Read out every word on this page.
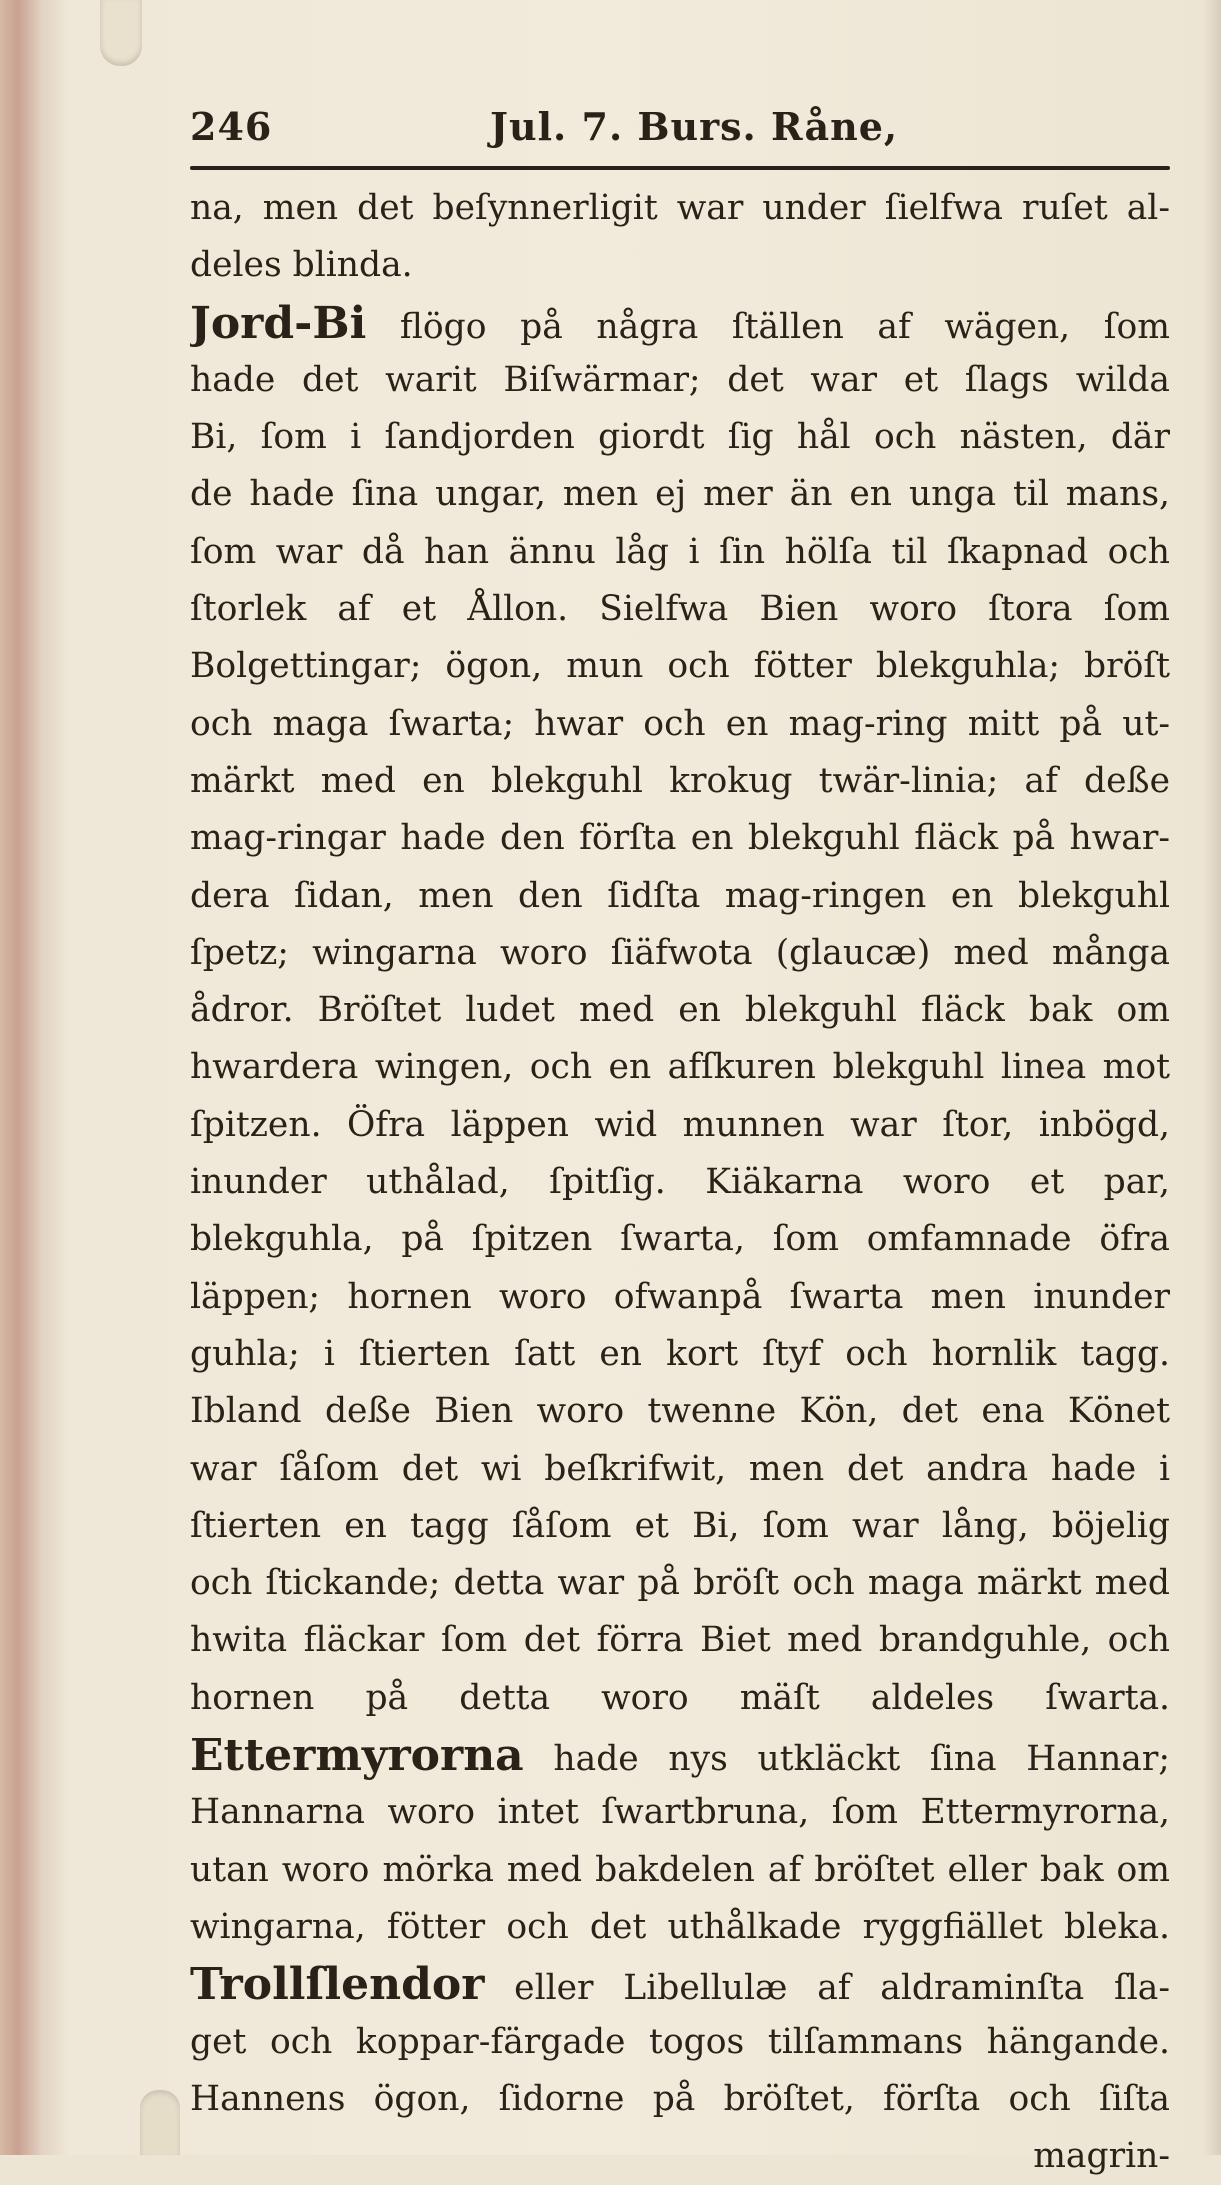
246	Jul. 7. Burs. Råne,
na, men det beſynnerligit war under ſielfwa ruſet al-
deles blinda.
Jord-Bi flögo på några ſtällen af wägen, ſom
hade det warit Biſwärmar; det war et ſlags wilda
Bi, ſom i ſandjorden giordt ſig hål och nästen, där
de hade ſina ungar, men ej mer än en unga til mans,
ſom war då han ännu låg i ſin hölſa til ſkapnad och
ſtorlek af et Ållon. Sielfwa Bien woro ſtora ſom
Bolgettingar; ögon, mun och fötter blekguhla; bröſt
och maga ſwarta; hwar och en mag-ring mitt på ut-
märkt med en blekguhl krokug twär-linia; af deße
mag-ringar hade den förſta en blekguhl fläck på hwar-
dera ſidan, men den ſidſta mag-ringen en blekguhl
ſpetz; wingarna woro ſiäfwota (glaucæ) med många
ådror. Bröſtet ludet med en blekguhl fläck bak om
hwardera wingen, och en afſkuren blekguhl linea mot
ſpitzen. Öfra läppen wid munnen war ſtor, inbögd,
inunder uthålad, ſpitſig. Kiäkarna woro et par,
blekguhla, på ſpitzen ſwarta, ſom omfamnade öfra
läppen; hornen woro ofwanpå ſwarta men inunder
guhla; i ſtierten ſatt en kort ſtyf och hornlik tagg.
Ibland deße Bien woro twenne Kön, det ena Könet
war ſåſom det wi beſkrifwit, men det andra hade i
ſtierten en tagg ſåſom et Bi, ſom war lång, böjelig
och ſtickande; detta war på bröſt och maga märkt med
hwita fläckar ſom det förra Biet med brandguhle, och
hornen på detta woro mäſt aldeles ſwarta.
Ettermyrorna hade nys utkläckt ſina Hannar;
Hannarna woro intet ſwartbruna, ſom Ettermyrorna,
utan woro mörka med bakdelen af bröſtet eller bak om
wingarna, fötter och det uthålkade ryggfiället bleka.
Trollſlendor eller Libellulæ af aldraminſta ſla-
get och koppar-färgade togos tilſammans hängande.
Hannens ögon, ſidorne på bröſtet, förſta och ſiſta
magrin-
